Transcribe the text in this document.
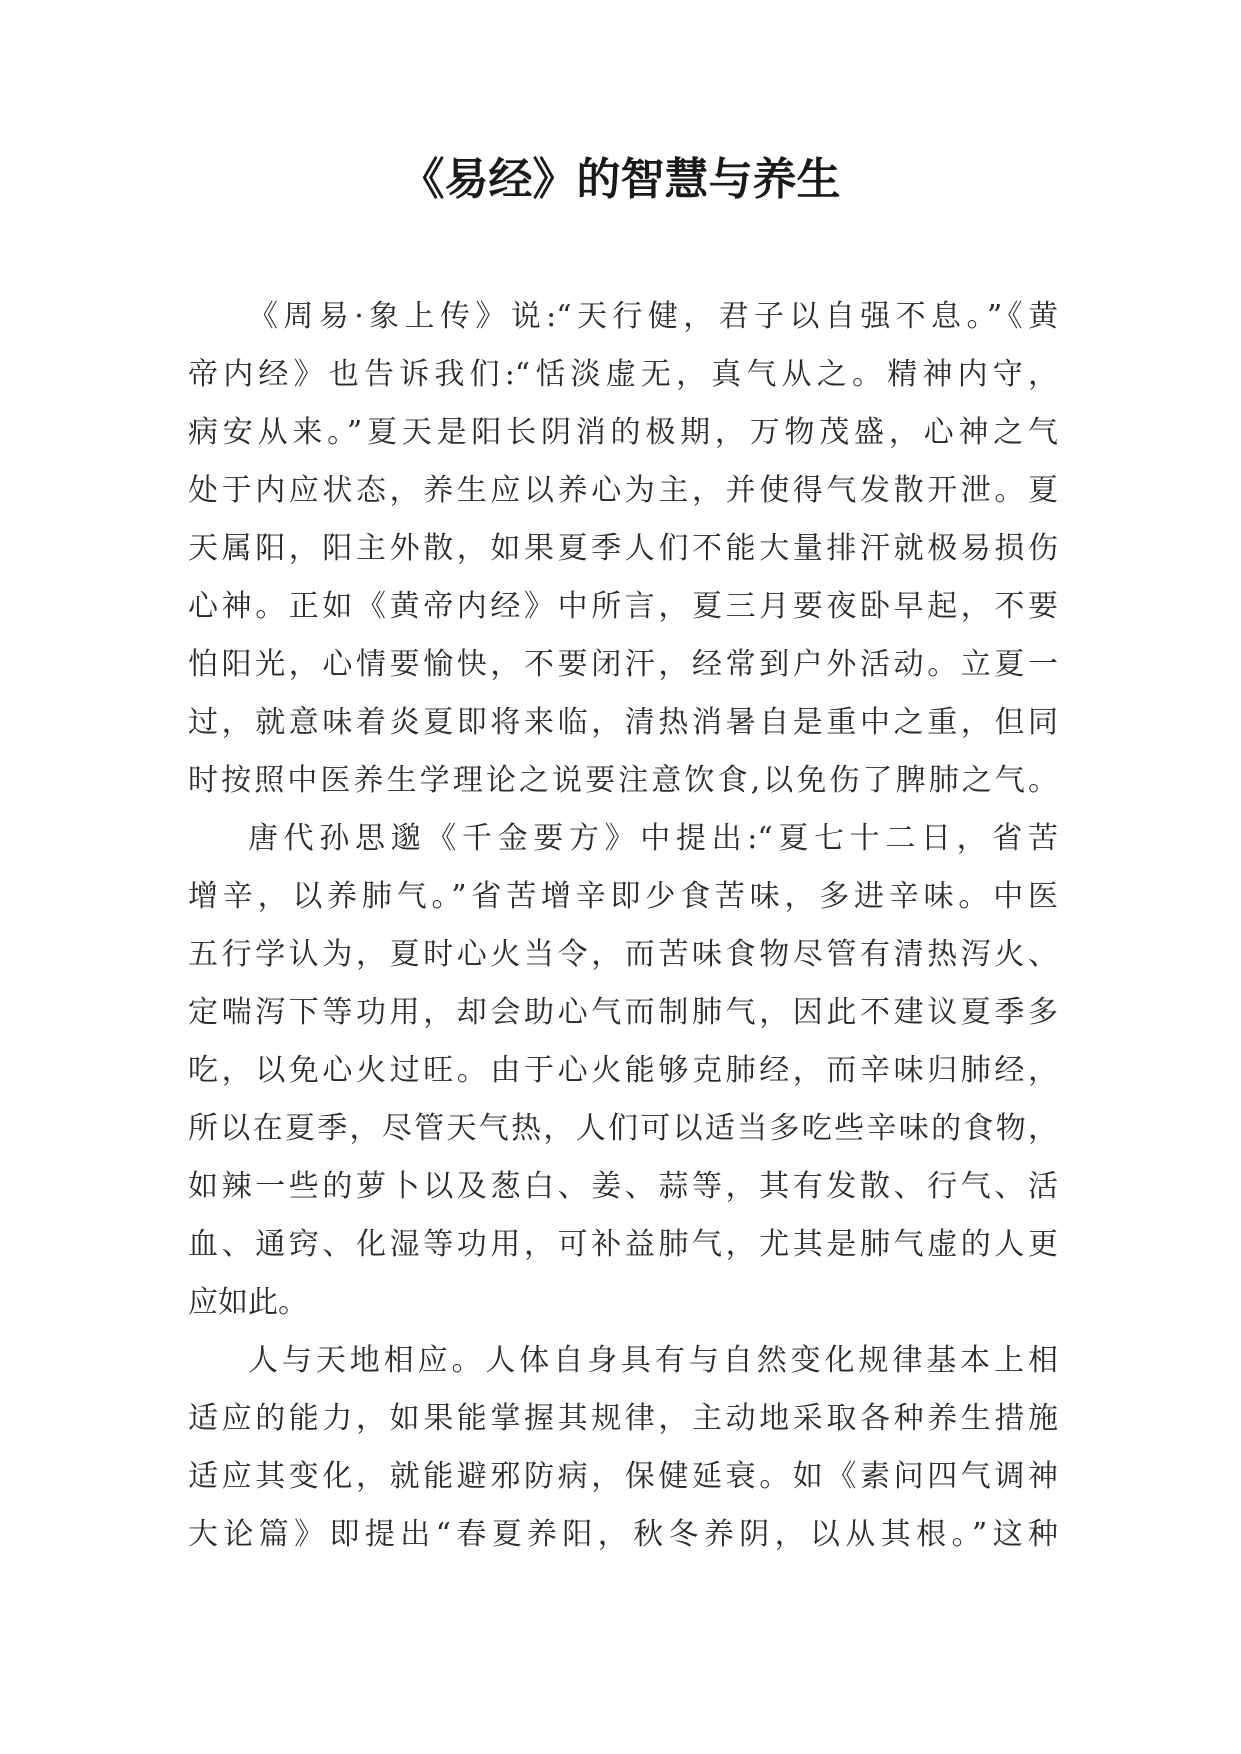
《易经》的智慧与养生
《周易·象上传》说:“天行健，君子以自强不息。”《黄
帝内经》也告诉我们:“恬淡虚无，真气从之。精神内守，
病安从来。”夏天是阳长阴消的极期，万物茂盛，心神之气
处于内应状态，养生应以养心为主，并使得气发散开泄。夏
天属阳，阳主外散，如果夏季人们不能大量排汗就极易损伤
心神。正如《黄帝内经》中所言，夏三月要夜卧早起，不要
怕阳光，心情要愉快，不要闭汗，经常到户外活动。立夏一
过，就意味着炎夏即将来临，清热消暑自是重中之重，但同
时按照中医养生学理论之说要注意饮食,以免伤了脾肺之气。
唐代孙思邈《千金要方》中提出:“夏七十二日，省苦
增辛，以养肺气。”省苦增辛即少食苦味，多进辛味。中医
五行学认为，夏时心火当令，而苦味食物尽管有清热泻火、
定喘泻下等功用，却会助心气而制肺气，因此不建议夏季多
吃，以免心火过旺。由于心火能够克肺经，而辛味归肺经，
所以在夏季，尽管天气热，人们可以适当多吃些辛味的食物，
如辣一些的萝卜以及葱白、姜、蒜等，其有发散、行气、活
血、通窍、化湿等功用，可补益肺气，尤其是肺气虚的人更
应如此。
人与天地相应。人体自身具有与自然变化规律基本上相
适应的能力，如果能掌握其规律，主动地采取各种养生措施
适应其变化，就能避邪防病，保健延衰。如《素问四气调神
大论篇》即提出“春夏养阳，秋冬养阴，以从其根。”这种
